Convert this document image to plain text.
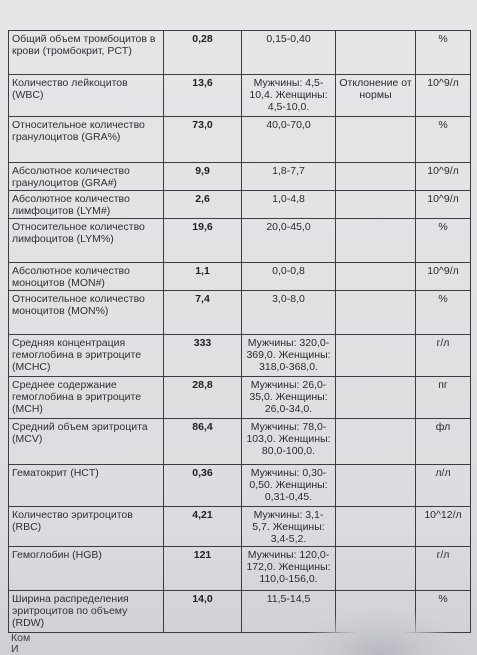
Общий объем тромбоцитов в крови (тромбокрит, PCT)	0,28	0,15-0,40		%
Количество лейкоцитов (WBC)	13,6	Мужчины: 4,5-10,4. Женщины: 4,5-10,0.	Отклонение от нормы	10^9/л
Относительное количество гранулоцитов (GRA%)	73,0	40,0-70,0		%
Абсолютное количество гранулоцитов (GRA#)	9,9	1,8-7,7		10^9/л
Абсолютное количество лимфоцитов (LYM#)	2,6	1,0-4,8		10^9/л
Относительное количество лимфоцитов (LYM%)	19,6	20,0-45,0		%
Абсолютное количество моноцитов (MON#)	1,1	0,0-0,8		10^9/л
Относительное количество моноцитов (MON%)	7,4	3,0-8,0		%
Средняя концентрация гемоглобина в эритроците (MCHC)	333	Мужчины: 320,0-369,0. Женщины: 318,0-368,0.		г/л
Среднее содержание гемоглобина в эритроците (MCH)	28,8	Мужчины: 26,0-35,0. Женщины: 26,0-34,0.		пг
Средний объем эритроцита (MCV)	86,4	Мужчины: 78,0-103,0. Женщины: 80,0-100,0.		фл
Гематокрит (HCT)	0,36	Мужчины: 0,30-0,50. Женщины: 0,31-0,45.		л/л
Количество эритроцитов (RBC)	4,21	Мужчины: 3,1-5,7. Женщины: 3,4-5,2.		10^12/л
Гемоглобин (HGB)	121	Мужчины: 120,0-172,0. Женщины: 110,0-156,0.		г/л
Ширина распределения эритроцитов по объему (RDW)	14,0	11,5-14,5		%
Ком
И
